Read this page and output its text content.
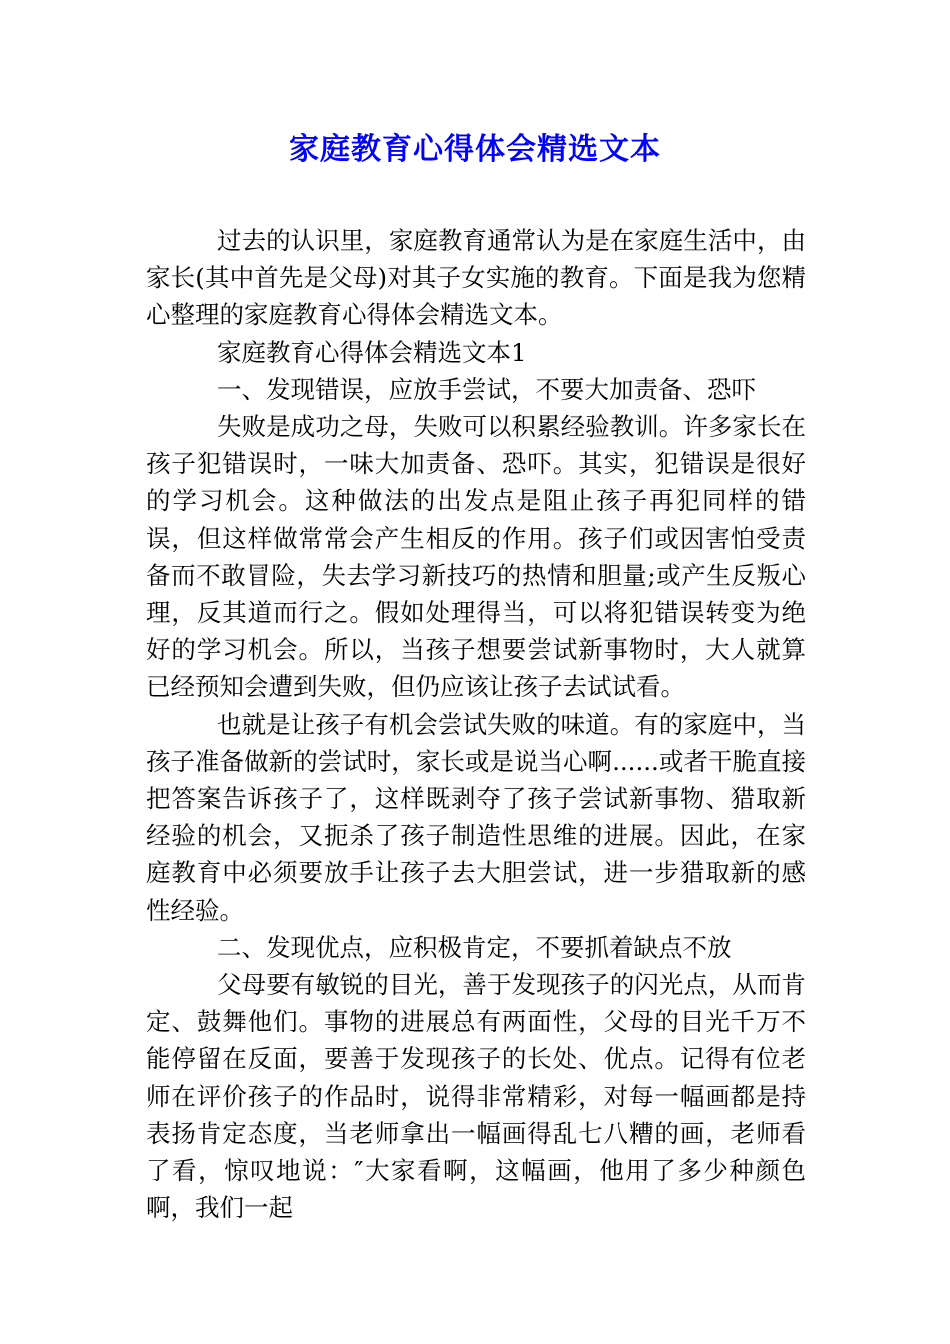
家庭教育心得体会精选文本

过去的认识里，家庭教育通常认为是在家庭生活中，由家长(其中首先是父母)对其子女实施的教育。下面是我为您精心整理的家庭教育心得体会精选文本。

家庭教育心得体会精选文本1

一、发现错误，应放手尝试，不要大加责备、恐吓

失败是成功之母，失败可以积累经验教训。许多家长在孩子犯错误时，一味大加责备、恐吓。其实，犯错误是很好的学习机会。这种做法的出发点是阻止孩子再犯同样的错误，但这样做常常会产生相反的作用。孩子们或因害怕受责备而不敢冒险，失去学习新技巧的热情和胆量;或产生反叛心理，反其道而行之。假如处理得当，可以将犯错误转变为绝好的学习机会。所以，当孩子想要尝试新事物时，大人就算已经预知会遭到失败，但仍应该让孩子去试试看。

也就是让孩子有机会尝试失败的味道。有的家庭中，当孩子准备做新的尝试时，家长或是说当心啊......或者干脆直接把答案告诉孩子了，这样既剥夺了孩子尝试新事物、猎取新经验的机会，又扼杀了孩子制造性思维的进展。因此，在家庭教育中必须要放手让孩子去大胆尝试，进一步猎取新的感性经验。

二、发现优点，应积极肯定，不要抓着缺点不放

父母要有敏锐的目光，善于发现孩子的闪光点，从而肯定、鼓舞他们。事物的进展总有两面性，父母的目光千万不能停留在反面，要善于发现孩子的长处、优点。记得有位老师在评价孩子的作品时，说得非常精彩，对每一幅画都是持表扬肯定态度，当老师拿出一幅画得乱七八糟的画，老师看了看，惊叹地说：″大家看啊，这幅画，他用了多少种颜色啊，我们一起
